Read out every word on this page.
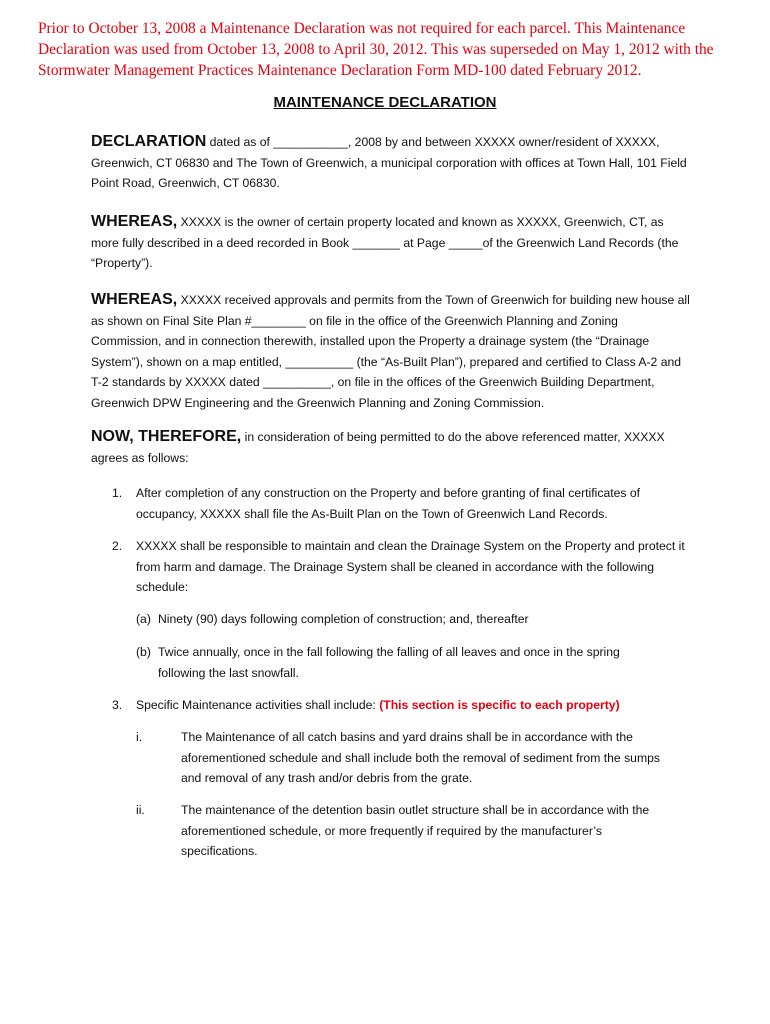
Prior to October 13, 2008 a Maintenance Declaration was not required for each parcel. This Maintenance Declaration was used from October 13, 2008 to April 30, 2012. This was superseded on May 1, 2012 with the Stormwater Management Practices Maintenance Declaration Form MD-100 dated February 2012.
MAINTENANCE DECLARATION
DECLARATION dated as of ___________, 2008 by and between XXXXX owner/resident of XXXXX, Greenwich, CT 06830 and The Town of Greenwich, a municipal corporation with offices at Town Hall, 101 Field Point Road, Greenwich, CT 06830.
WHEREAS, XXXXX is the owner of certain property located and known as XXXXX, Greenwich, CT, as more fully described in a deed recorded in Book _______ at Page _____of the Greenwich Land Records (the “Property”).
WHEREAS, XXXXX received approvals and permits from the Town of Greenwich for building new house all as shown on Final Site Plan #________ on file in the office of the Greenwich Planning and Zoning Commission, and in connection therewith, installed upon the Property a drainage system (the “Drainage System”), shown on a map entitled, __________ (the “As-Built Plan”), prepared and certified to Class A-2 and T-2 standards by XXXXX dated __________, on file in the offices of the Greenwich Building Department, Greenwich DPW Engineering and the Greenwich Planning and Zoning Commission.
NOW, THEREFORE, in consideration of being permitted to do the above referenced matter, XXXXX agrees as follows:
1. After completion of any construction on the Property and before granting of final certificates of occupancy, XXXXX shall file the As-Built Plan on the Town of Greenwich Land Records.
2. XXXXX shall be responsible to maintain and clean the Drainage System on the Property and protect it from harm and damage. The Drainage System shall be cleaned in accordance with the following schedule:
(a) Ninety (90) days following completion of construction; and, thereafter
(b) Twice annually, once in the fall following the falling of all leaves and once in the spring following the last snowfall.
3. Specific Maintenance activities shall include: (This section is specific to each property)
i.	The Maintenance of all catch basins and yard drains shall be in accordance with the aforementioned schedule and shall include both the removal of sediment from the sumps and removal of any trash and/or debris from the grate.
ii.	The maintenance of the detention basin outlet structure shall be in accordance with the aforementioned schedule, or more frequently if required by the manufacturer’s specifications.
